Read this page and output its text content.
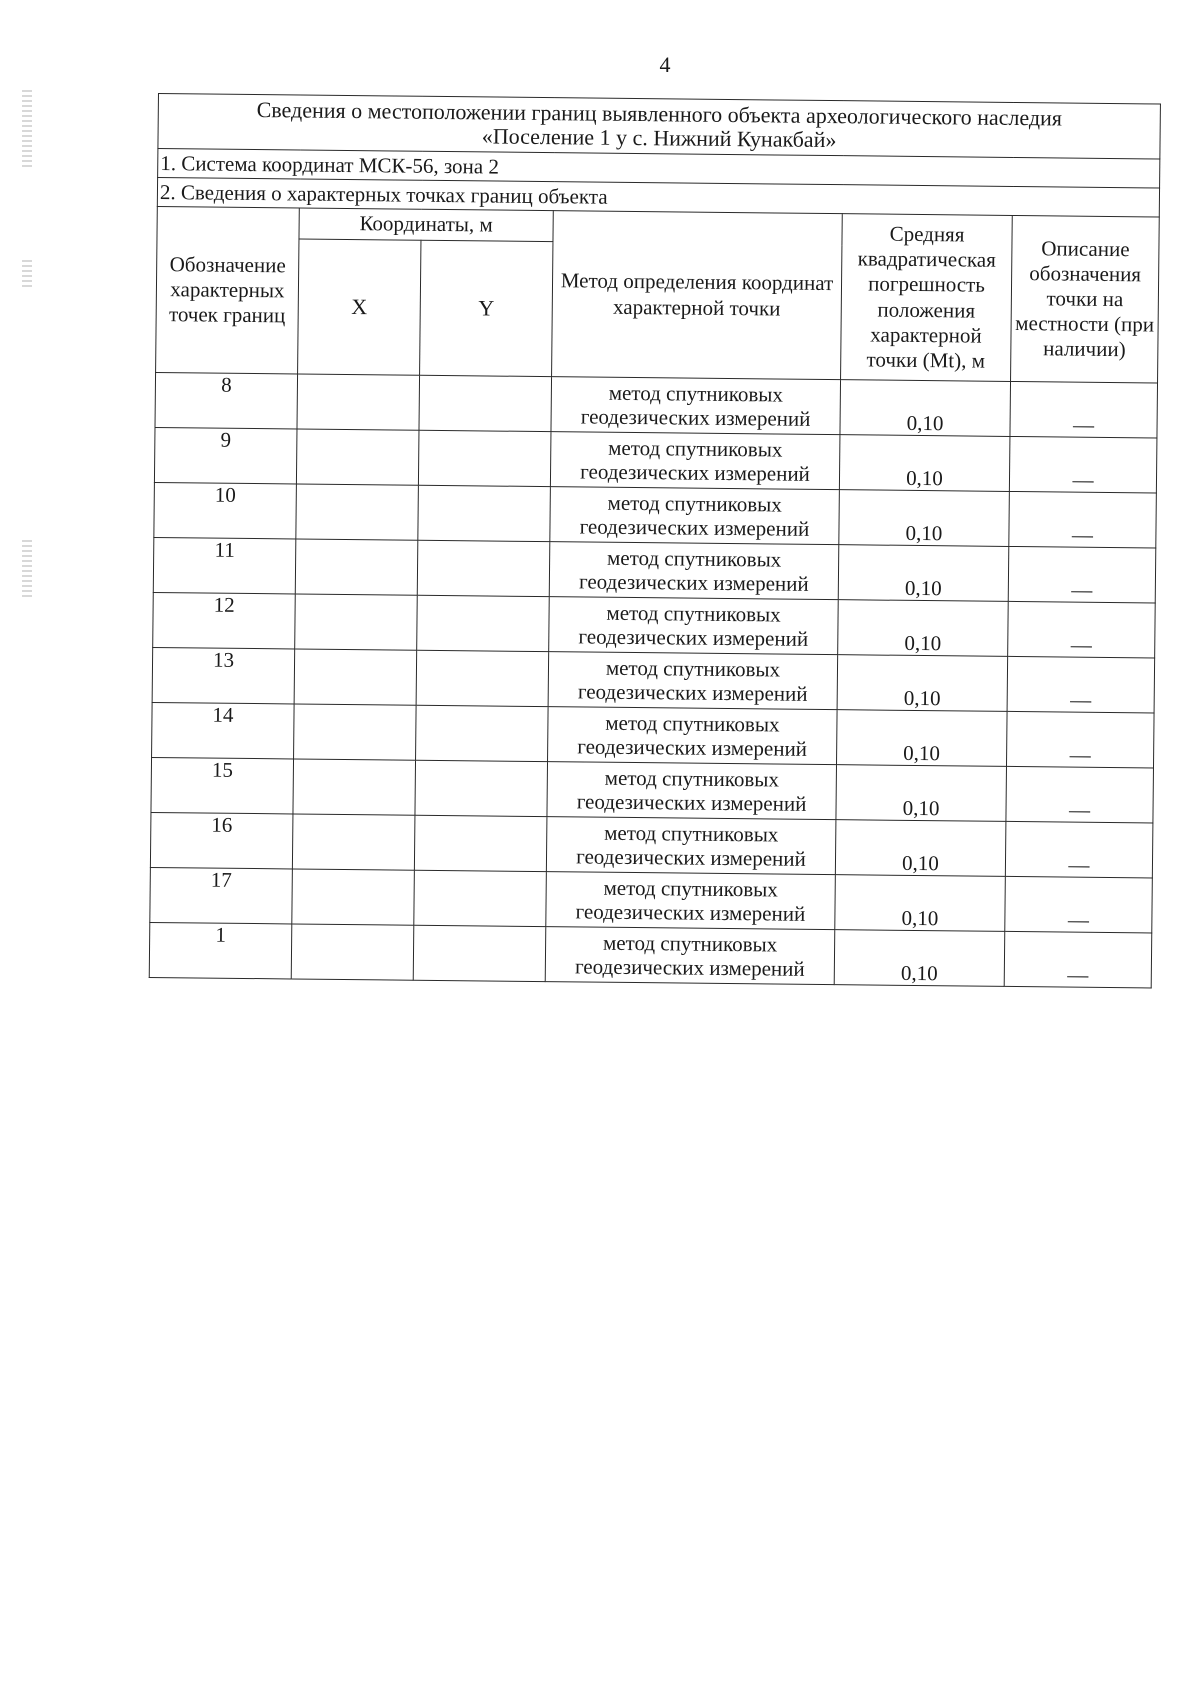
4
Сведения о местоположении границ выявленного объекта археологического наследия
«Поселение 1 у с. Нижний Кунакбай»					

1. Система координат МСК-56, зона 2					
2. Сведения о характерных точках границ объекта					
Обозначение характерных точек границ	Координаты, м		Метод определения координат характерной точки	Средняя квадратическая погрешность положения характерной точки (Mt), м	Описание обозначения точки на местности (при наличии)
	X	Y			
8			метод спутниковых геодезических измерений	0,10	—
9			метод спутниковых геодезических измерений	0,10	—
10			метод спутниковых геодезических измерений	0,10	—
11			метод спутниковых геодезических измерений	0,10	—
12			метод спутниковых геодезических измерений	0,10	—
13			метод спутниковых геодезических измерений	0,10	—
14			метод спутниковых геодезических измерений	0,10	—
15			метод спутниковых геодезических измерений	0,10	—
16			метод спутниковых геодезических измерений	0,10	—
17			метод спутниковых геодезических измерений	0,10	—
1			метод спутниковых геодезических измерений	0,10	—
